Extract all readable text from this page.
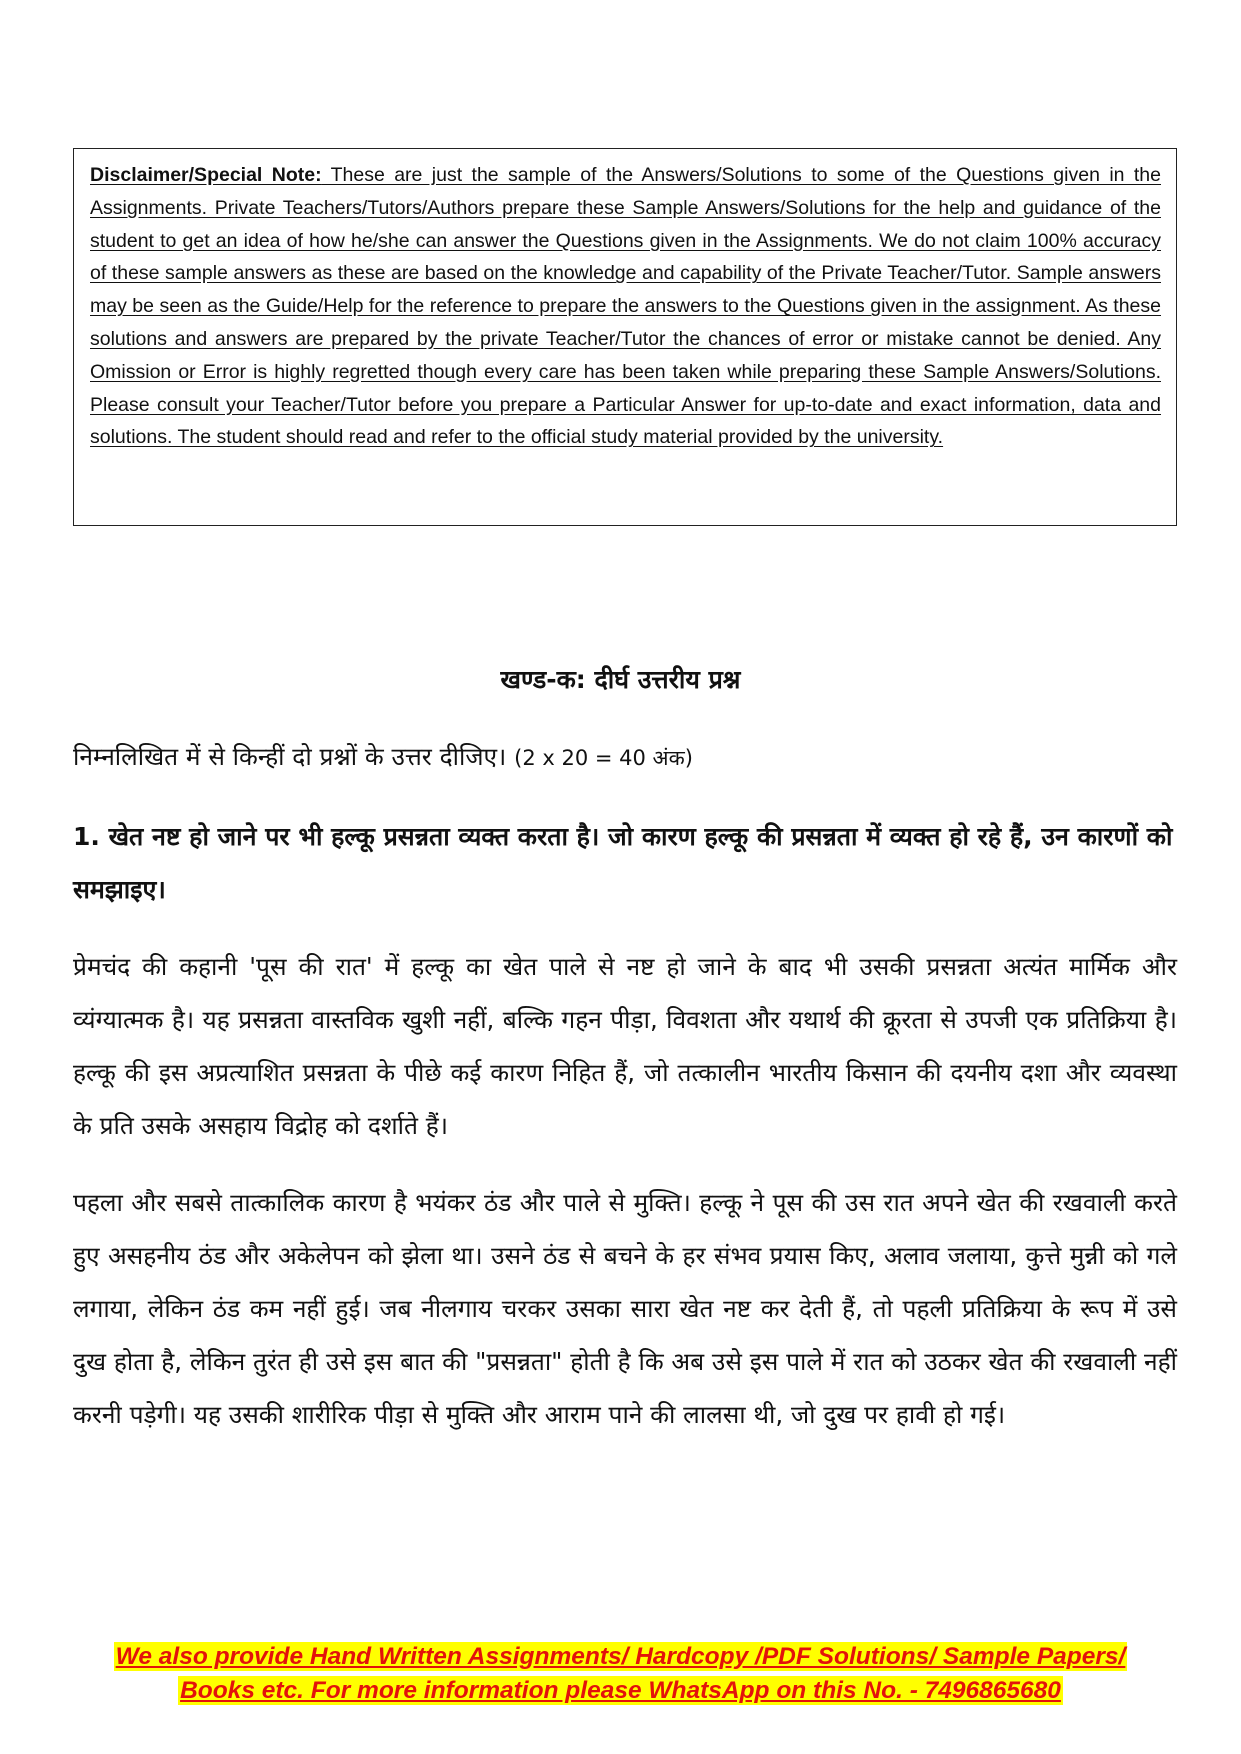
Disclaimer/Special Note: These are just the sample of the Answers/Solutions to some of the Questions given in the Assignments. Private Teachers/Tutors/Authors prepare these Sample Answers/Solutions for the help and guidance of the student to get an idea of how he/she can answer the Questions given in the Assignments. We do not claim 100% accuracy of these sample answers as these are based on the knowledge and capability of the Private Teacher/Tutor. Sample answers may be seen as the Guide/Help for the reference to prepare the answers to the Questions given in the assignment. As these solutions and answers are prepared by the private Teacher/Tutor the chances of error or mistake cannot be denied. Any Omission or Error is highly regretted though every care has been taken while preparing these Sample Answers/Solutions. Please consult your Teacher/Tutor before you prepare a Particular Answer for up-to-date and exact information, data and solutions. The student should read and refer to the official study material provided by the university.
खण्ड-क: दीर्घ उत्तरीय प्रश्न
निम्नलिखित में से किन्हीं दो प्रश्नों के उत्तर दीजिए। (2 x 20 = 40 अंक)
1. खेत नष्ट हो जाने पर भी हल्कू प्रसन्नता व्यक्त करता है। जो कारण हल्कू की प्रसन्नता में व्यक्त हो रहे हैं, उन कारणों को समझाइए।

प्रेमचंद की कहानी 'पूस की रात' में हल्कू का खेत पाले से नष्ट हो जाने के बाद भी उसकी प्रसन्नता अत्यंत मार्मिक और व्यंग्यात्मक है। यह प्रसन्नता वास्तविक खुशी नहीं, बल्कि गहन पीड़ा, विवशता और यथार्थ की क्रूरता से उपजी एक प्रतिक्रिया है। हल्कू की इस अप्रत्याशित प्रसन्नता के पीछे कई कारण निहित हैं, जो तत्कालीन भारतीय किसान की दयनीय दशा और व्यवस्था के प्रति उसके असहाय विद्रोह को दर्शाते हैं।

पहला और सबसे तात्कालिक कारण है भयंकर ठंड और पाले से मुक्ति। हल्कू ने पूस की उस रात अपने खेत की रखवाली करते हुए असहनीय ठंड और अकेलेपन को झेला था। उसने ठंड से बचने के हर संभव प्रयास किए, अलाव जलाया, कुत्ते मुन्नी को गले लगाया, लेकिन ठंड कम नहीं हुई। जब नीलगाय चरकर उसका सारा खेत नष्ट कर देती हैं, तो पहली प्रतिक्रिया के रूप में उसे दुख होता है, लेकिन तुरंत ही उसे इस बात की "प्रसन्नता" होती है कि अब उसे इस पाले में रात को उठकर खेत की रखवाली नहीं करनी पड़ेगी। यह उसकी शारीरिक पीड़ा से मुक्ति और आराम पाने की लालसा थी, जो दुख पर हावी हो गई।

We also provide Hand Written Assignments/ Hardcopy /PDF Solutions/ Sample Papers/
Books etc. For more information please WhatsApp on this No. - 7496865680
